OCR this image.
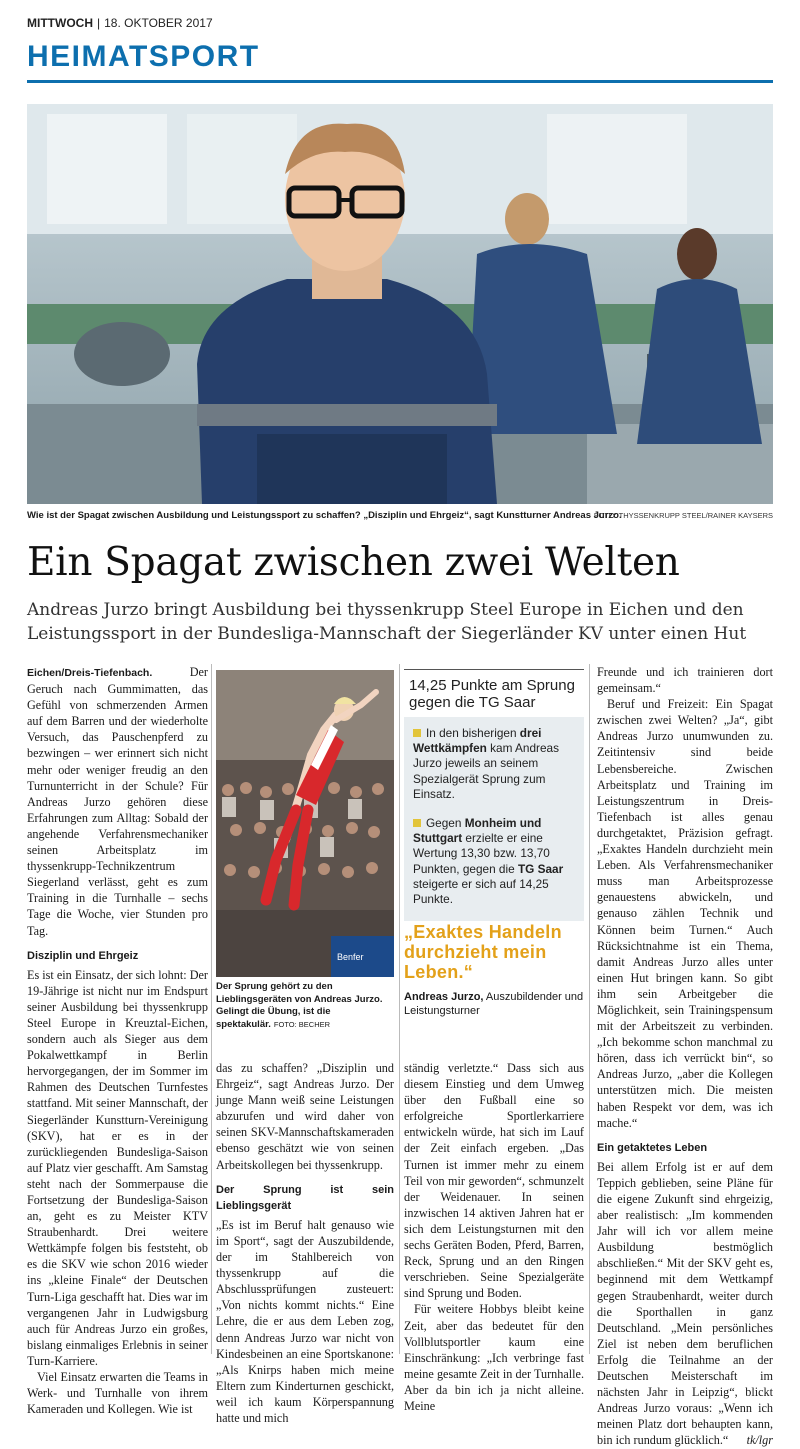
MITTWOCH | 18. OKTOBER 2017
HEIMATSPORT
Wie ist der Spagat zwischen Ausbildung und Leistungssport zu schaffen? „Disziplin und Ehrgeiz“, sagt Kunstturner Andreas Jurzo.
FOTO: THYSSENKRUPP STEEL/RAINER KAYSERS
Ein Spagat zwischen zwei Welten
Andreas Jurzo bringt Ausbildung bei thyssenkrupp Steel Europe in Eichen und den Leistungssport in der Bundesliga-Mannschaft der Siegerländer KV unter einen Hut

Eichen/Dreis-Tiefenbach. Der Geruch nach Gummimatten, das Gefühl von schmerzenden Armen auf dem Barren und der wiederholte Versuch, das Pauschenpferd zu bezwingen – wer erinnert sich nicht mehr oder weniger freudig an den Turnunterricht in der Schule? Für Andreas Jurzo gehören diese Erfahrungen zum Alltag: Sobald der angehende Verfahrensmechaniker seinen Arbeitsplatz im thyssenkrupp-Technikzentrum Siegerland verlässt, geht es zum Training in die Turnhalle – sechs Tage die Woche, vier Stunden pro Tag.

Disziplin und Ehrgeiz

Es ist ein Einsatz, der sich lohnt: Der 19-Jährige ist nicht nur im Endspurt seiner Ausbildung bei thyssenkrupp Steel Europe in Kreuztal-Eichen, sondern auch als Sieger aus dem Pokalwettkampf in Berlin hervorgegangen, der im Sommer im Rahmen des Deutschen Turnfestes stattfand. Mit seiner Mannschaft, der Siegerländer Kunstturn-Vereinigung (SKV), hat er es in der zurückliegenden Bundesliga-Saison auf Platz vier geschafft. Am Samstag steht nach der Sommerpause die Fortsetzung der Bundesliga-Saison an, geht es zu Meister KTV Straubenhardt. Drei weitere Wettkämpfe folgen bis feststeht, ob es die SKV wie schon 2016 wieder ins „kleine Finale“ der Deutschen Turn-Liga geschafft hat. Dies war im vergangenen Jahr in Ludwigsburg auch für Andreas Jurzo ein großes, bislang einmaliges Erlebnis in seiner Turn-Karriere.

Viel Einsatz erwarten die Teams in Werk- und Turnhalle von ihrem Kameraden und Kollegen. Wie ist

Benfer
Der Sprung gehört zu den Lieblingsgeräten von Andreas Jurzo. Gelingt die Übung, ist die spektakulär. FOTO: BECHER

das zu schaffen? „Disziplin und Ehrgeiz“, sagt Andreas Jurzo. Der junge Mann weiß seine Leistungen abzurufen und wird daher von seinen SKV-Mannschaftskameraden ebenso geschätzt wie von seinen Arbeitskollegen bei thyssenkrupp.

Der Sprung ist sein Lieblingsgerät

„Es ist im Beruf halt genauso wie im Sport“, sagt der Auszubildende, der im Stahlbereich von thyssenkrupp auf die Abschlussprüfungen zusteuert: „Von nichts kommt nichts.“ Eine Lehre, die er aus dem Leben zog, denn Andreas Jurzo war nicht von Kindesbeinen an eine Sportskanone: „Als Knirps haben mich meine Eltern zum Kinderturnen geschickt, weil ich kaum Körperspannung hatte und mich

14,25 Punkte am Sprung gegen die TG Saar

In den bisherigen drei Wettkämpfen kam Andreas Jurzo jeweils an seinem Spezialgerät Sprung zum Einsatz.

Gegen Monheim und Stuttgart erzielte er eine Wertung 13,30 bzw. 13,70 Punkten, gegen die TG Saar steigerte er sich auf 14,25 Punkte.

„Exaktes Handeln durchzieht mein Leben.“
Andreas Jurzo, Auszubildender und Leistungsturner

ständig verletzte.“ Dass sich aus diesem Einstieg und dem Umweg über den Fußball eine so erfolgreiche Sportlerkarriere entwickeln würde, hat sich im Lauf der Zeit einfach ergeben. „Das Turnen ist immer mehr zu einem Teil von mir geworden“, schmunzelt der Weidenauer. In seinen inzwischen 14 aktiven Jahren hat er sich dem Leistungsturnen mit den sechs Geräten Boden, Pferd, Barren, Reck, Sprung und an den Ringen verschrieben. Seine Spezialgeräte sind Sprung und Boden.

Für weitere Hobbys bleibt keine Zeit, aber das bedeutet für den Vollblutsportler kaum eine Einschränkung: „Ich verbringe fast meine gesamte Zeit in der Turnhalle. Aber da bin ich ja nicht alleine. Meine

Freunde und ich trainieren dort gemeinsam.“

Beruf und Freizeit: Ein Spagat zwischen zwei Welten? „Ja“, gibt Andreas Jurzo unumwunden zu. Zeitintensiv sind beide Lebensbereiche. Zwischen Arbeitsplatz und Training im Leistungszentrum in Dreis-Tiefenbach ist alles genau durchgetaktet, Präzision gefragt. „Exaktes Handeln durchzieht mein Leben. Als Verfahrensmechaniker muss man Arbeitsprozesse genauestens abwickeln, und genauso zählen Technik und Können beim Turnen.“ Auch Rücksichtnahme ist ein Thema, damit Andreas Jurzo alles unter einen Hut bringen kann. So gibt ihm sein Arbeitgeber die Möglichkeit, sein Trainingspensum mit der Arbeitszeit zu verbinden. „Ich bekomme schon manchmal zu hören, dass ich verrückt bin“, so Andreas Jurzo, „aber die Kollegen unterstützen mich. Die meisten haben Respekt vor dem, was ich mache.“

Ein getaktetes Leben

Bei allem Erfolg ist er auf dem Teppich geblieben, seine Pläne für die eigene Zukunft sind ehrgeizig, aber realistisch: „Im kommenden Jahr will ich vor allem meine Ausbildung bestmöglich abschließen.“ Mit der SKV geht es, beginnend mit dem Wettkampf gegen Straubenhardt, weiter durch die Sporthallen in ganz Deutschland. „Mein persönliches Ziel ist neben dem beruflichen Erfolg die Teilnahme an der Deutschen Meisterschaft im nächsten Jahr in Leipzig“, blickt Andreas Jurzo voraus: „Wenn ich meinen Platz dort behaupten kann, bin ich rundum glücklich.“ tk/lgr
